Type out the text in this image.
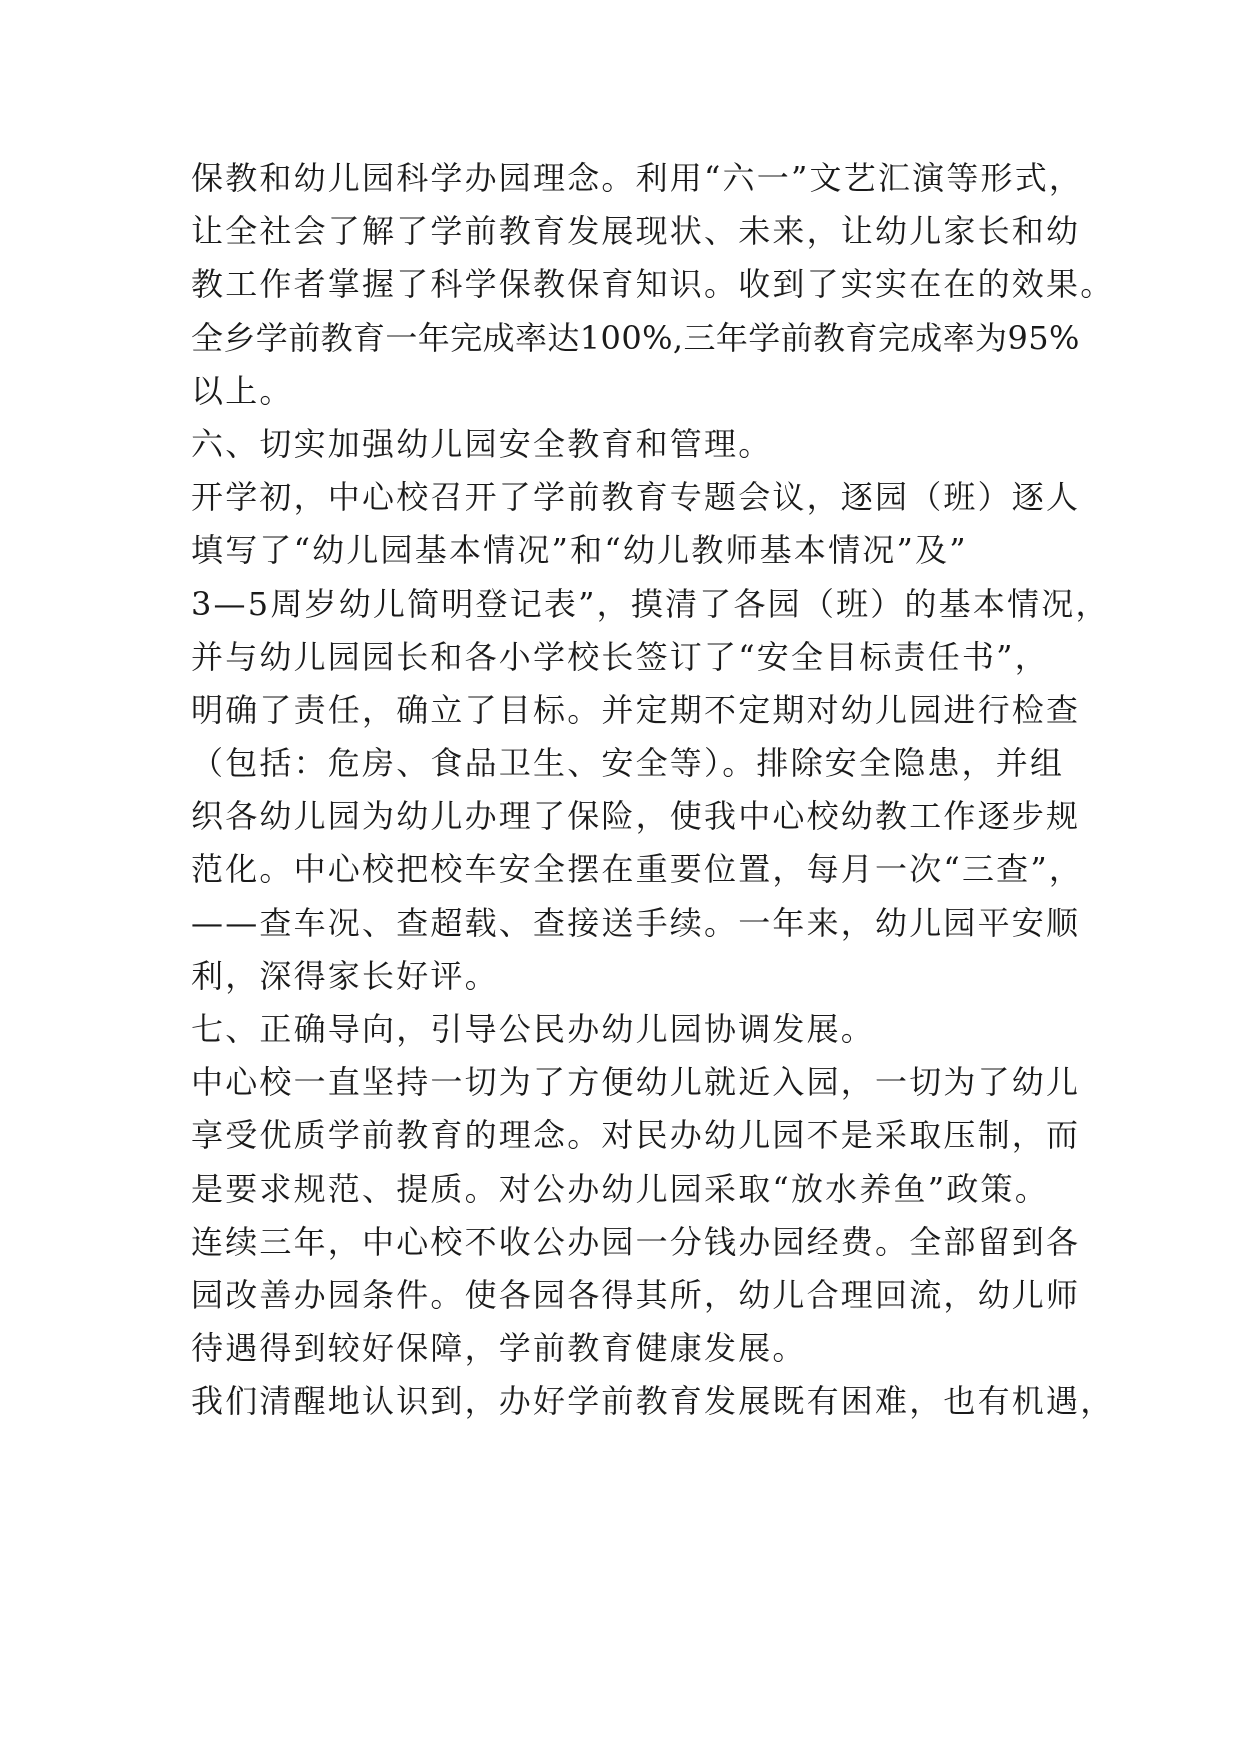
保教和幼儿园科学办园理念。利用“六一”文艺汇演等形式，
让全社会了解了学前教育发展现状、未来，让幼儿家长和幼
教工作者掌握了科学保教保育知识。收到了实实在在的效果。
全乡学前教育一年完成率达100%,三年学前教育完成率为95%
以上。
六、切实加强幼儿园安全教育和管理。
开学初，中心校召开了学前教育专题会议，逐园（班）逐人
填写了“幼儿园基本情况”和“幼儿教师基本情况”及”
3—5周岁幼儿简明登记表”，摸清了各园（班）的基本情况，
并与幼儿园园长和各小学校长签订了“安全目标责任书”，
明确了责任，确立了目标。并定期不定期对幼儿园进行检查
（包括：危房、食品卫生、安全等）。排除安全隐患，并组
织各幼儿园为幼儿办理了保险，使我中心校幼教工作逐步规
范化。中心校把校车安全摆在重要位置，每月一次“三查”，
——查车况、查超载、查接送手续。一年来，幼儿园平安顺
利，深得家长好评。
七、正确导向，引导公民办幼儿园协调发展。
中心校一直坚持一切为了方便幼儿就近入园，一切为了幼儿
享受优质学前教育的理念。对民办幼儿园不是采取压制，而
是要求规范、提质。对公办幼儿园采取“放水养鱼”政策。
连续三年，中心校不收公办园一分钱办园经费。全部留到各
园改善办园条件。使各园各得其所，幼儿合理回流，幼儿师
待遇得到较好保障，学前教育健康发展。
我们清醒地认识到，办好学前教育发展既有困难，也有机遇，
